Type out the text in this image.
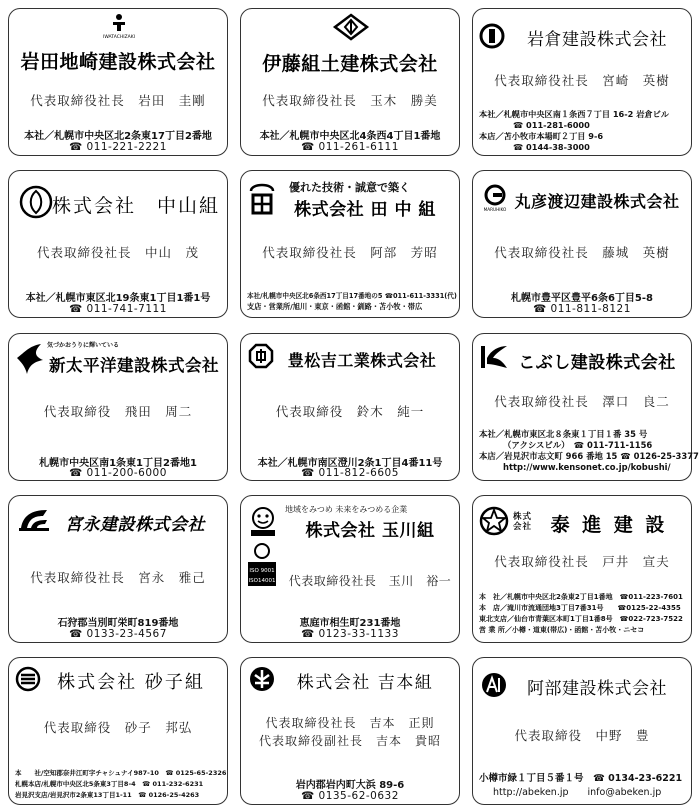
IWATACHIZAKI
岩田地崎建設株式会社
代表取締役社長　岩田　圭剛
本社／札幌市中央区北2条東17丁目2番地
☎ 011-221-2221
伊藤組土建株式会社
代表取締役社長　玉木　勝美
本社／札幌市中央区北4条西4丁目1番地
☎ 011-261-6111
岩倉建設株式会社
代表取締役社長　宮崎　英樹
本社／札幌市中央区南１条西７丁目 16-2 岩倉ビル
☎ 011-281-6000
本店／苫小牧市本場町２丁目 9-6
☎ 0144-38-3000
株式会社　中山組
代表取締役社長　中山　茂
本社／札幌市東区北19条東1丁目1番1号
☎ 011-741-7111
優れた技術・誠意で築く
株式会社 田 中 組
代表取締役社長　阿部　芳昭
本社/札幌市中央区北6条西17丁目17番地の5 ☎011-611-3331(代)
支店・営業所/旭川・東京・函館・釧路・苫小牧・帯広
MARUHIKO 丸彦渡辺建設株式会社
代表取締役社長　藤城　英樹
札幌市豊平区豊平6条6丁目5-8
☎ 011-811-8121
気づかおうりに輝いている
新太平洋建設株式会社
代表取締役　飛田　周二
札幌市中央区南1条東1丁目2番地1
☎ 011-200-6000
豊松吉工業株式会社
代表取締役　鈴木　純一
本社／札幌市南区澄川2条1丁目4番11号
☎ 011-812-6605
こぶし建設株式会社
代表取締役社長　澤口　良二
本社／札幌市東区北８条東１丁目１番 35 号
（アクシスビル）　☎ 011-711-1156
本店／岩見沢市志文町 966 番地 15 ☎ 0126-25-3377
http://www.kensonet.co.jp/kobushi/
宮永建設株式会社
代表取締役社長　宮永　雅己
石狩郡当別町栄町819番地
☎ 0133-23-4567
ISO 9001
ISO14001
地域をみつめ 未来をみつめる企業
株式会社 玉川組
代表取締役社長　玉川　裕一
恵庭市相生町231番地
☎ 0123-33-1133
株式会社 泰 進 建 設
代表取締役社長　戸井　宣夫
本　社／札幌市中央区北2条東2丁目1番地　☎011-223-7601
本　店／滝川市流通団地3丁目7番31号　　☎0125-22-4355
東北支店／仙台市青葉区本町1丁目1番8号　☎022-723-7522
営 業 所／小樽・道東(帯広)・函館・苫小牧・ニセコ
株式会社 砂子組
代表取締役　砂子　邦弘
本　　社/空知郡奈井江町字チャシュナイ987-10　☎ 0125-65-2326
札幌本店/札幌市中央区北5条東3丁目8-4　☎ 011-232-6231
岩見沢支店/岩見沢市2条東13丁目1-11　☎ 0126-25-4263
株式会社 吉本組
代表取締役社長　吉本　正則
代表取締役副社長　吉本　貴昭
岩内郡岩内町大浜 89-6
☎ 0135-62-0632
阿部建設株式会社
代表取締役　中野　豊
小樽市緑１丁目５番１号　☎ 0134-23-6221
http://abeken.jp　　info@abeken.jp
